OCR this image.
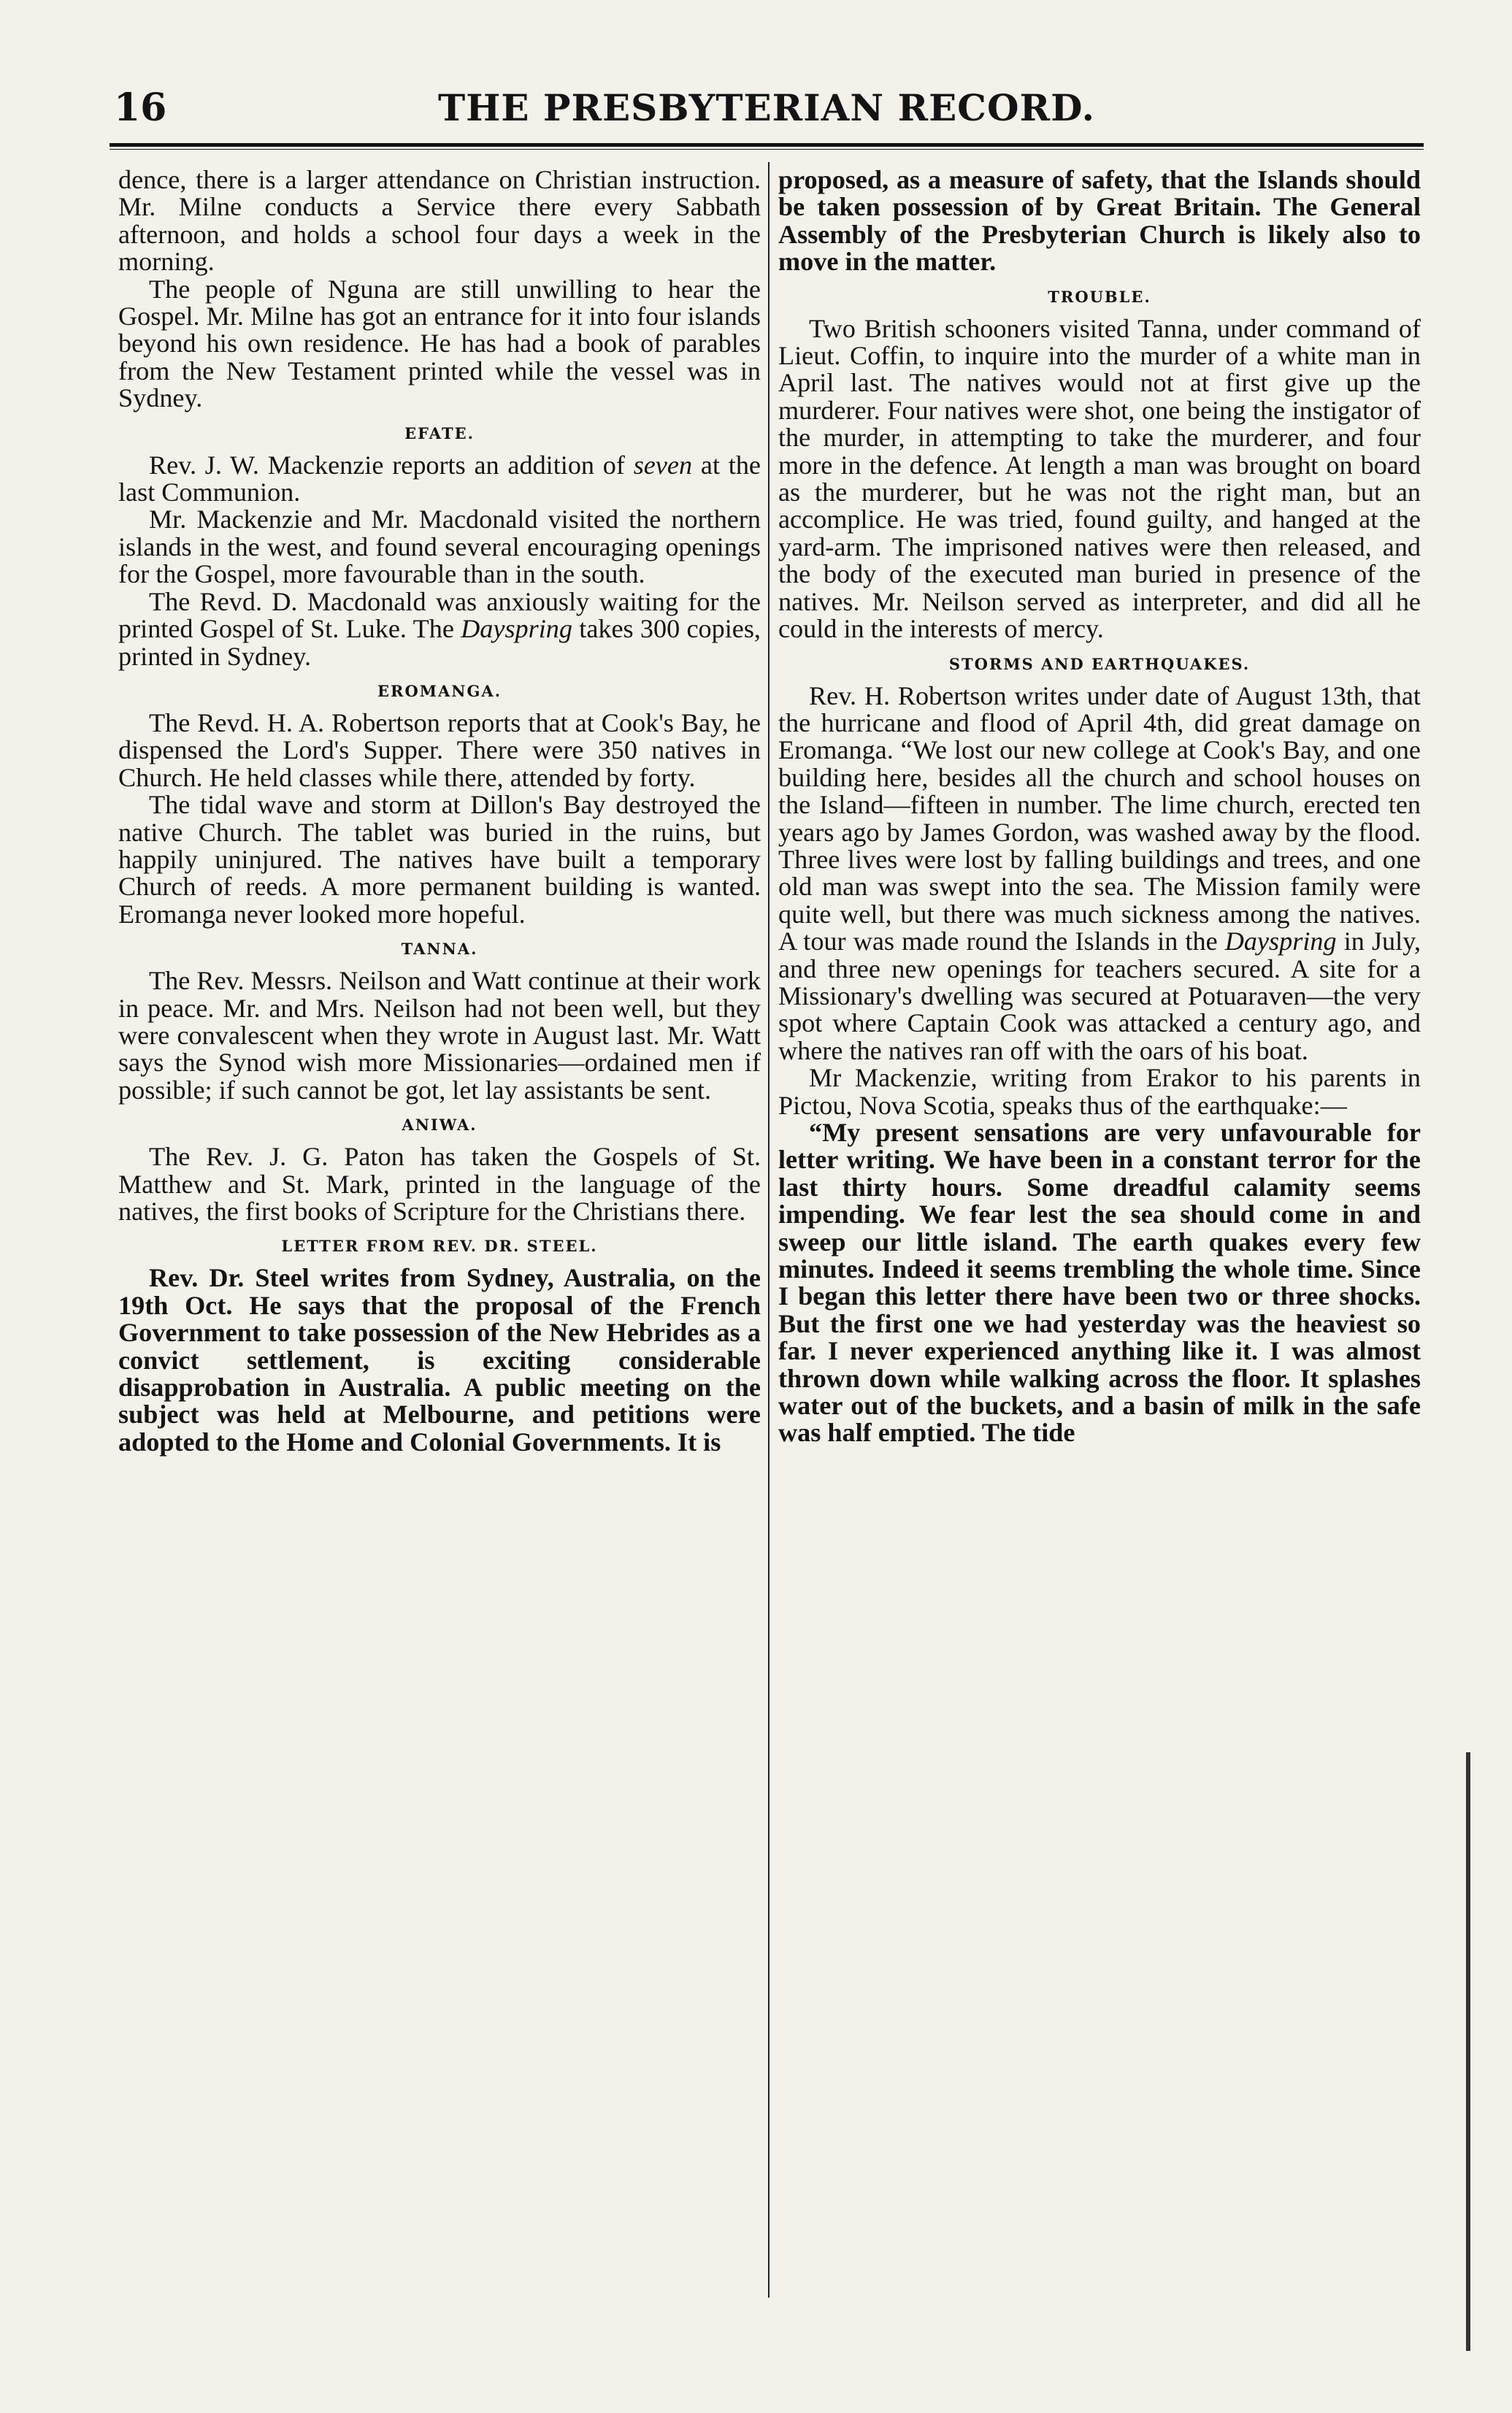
16	THE PRESBYTERIAN RECORD.

dence, there is a larger attendance on Christian instruction. Mr. Milne conducts a Service there every Sabbath afternoon, and holds a school four days a week in the morning.

The people of Nguna are still unwilling to hear the Gospel. Mr. Milne has got an entrance for it into four islands beyond his own residence. He has had a book of parables from the New Testament printed while the vessel was in Sydney.

EFATE.

Rev. J. W. Mackenzie reports an addition of seven at the last Communion.

Mr. Mackenzie and Mr. Macdonald visited the northern islands in the west, and found several encouraging openings for the Gospel, more favourable than in the south.

The Revd. D. Macdonald was anxiously waiting for the printed Gospel of St. Luke. The Dayspring takes 300 copies, printed in Sydney.

EROMANGA.

The Revd. H. A. Robertson reports that at Cook's Bay, he dispensed the Lord's Supper. There were 350 natives in Church. He held classes while there, attended by forty.

The tidal wave and storm at Dillon's Bay destroyed the native Church. The tablet was buried in the ruins, but happily uninjured. The natives have built a temporary Church of reeds. A more permanent building is wanted. Eromanga never looked more hopeful.

TANNA.

The Rev. Messrs. Neilson and Watt continue at their work in peace. Mr. and Mrs. Neilson had not been well, but they were convalescent when they wrote in August last. Mr. Watt says the Synod wish more Missionaries—ordained men if possible; if such cannot be got, let lay assistants be sent.

ANIWA.

The Rev. J. G. Paton has taken the Gospels of St. Matthew and St. Mark, printed in the language of the natives, the first books of Scripture for the Christians there.

LETTER FROM REV. DR. STEEL.

Rev. Dr. Steel writes from Sydney, Australia, on the 19th Oct. He says that the proposal of the French Government to take possession of the New Hebrides as a convict settlement, is exciting considerable disapprobation in Australia. A public meeting on the subject was held at Melbourne, and petitions were adopted to the Home and Colonial Governments. It is

proposed, as a measure of safety, that the Islands should be taken possession of by Great Britain. The General Assembly of the Presbyterian Church is likely also to move in the matter.

TROUBLE.

Two British schooners visited Tanna, under command of Lieut. Coffin, to inquire into the murder of a white man in April last. The natives would not at first give up the murderer. Four natives were shot, one being the instigator of the murder, in attempting to take the murderer, and four more in the defence. At length a man was brought on board as the murderer, but he was not the right man, but an accomplice. He was tried, found guilty, and hanged at the yard-arm. The imprisoned natives were then released, and the body of the executed man buried in presence of the natives. Mr. Neilson served as interpreter, and did all he could in the interests of mercy.

STORMS AND EARTHQUAKES.

Rev. H. Robertson writes under date of August 13th, that the hurricane and flood of April 4th, did great damage on Eromanga. “We lost our new college at Cook's Bay, and one building here, besides all the church and school houses on the Island—fifteen in number. The lime church, erected ten years ago by James Gordon, was washed away by the flood. Three lives were lost by falling buildings and trees, and one old man was swept into the sea. The Mission family were quite well, but there was much sickness among the natives. A tour was made round the Islands in the Dayspring in July, and three new openings for teachers secured. A site for a Missionary's dwelling was secured at Potuaraven—the very spot where Captain Cook was attacked a century ago, and where the natives ran off with the oars of his boat.

Mr Mackenzie, writing from Erakor to his parents in Pictou, Nova Scotia, speaks thus of the earthquake:—

“My present sensations are very unfavourable for letter writing. We have been in a constant terror for the last thirty hours. Some dreadful calamity seems impending. We fear lest the sea should come in and sweep our little island. The earth quakes every few minutes. Indeed it seems trembling the whole time. Since I began this letter there have been two or three shocks. But the first one we had yesterday was the heaviest so far. I never experienced anything like it. I was almost thrown down while walking across the floor. It splashes water out of the buckets, and a basin of milk in the safe was half emptied. The tide
